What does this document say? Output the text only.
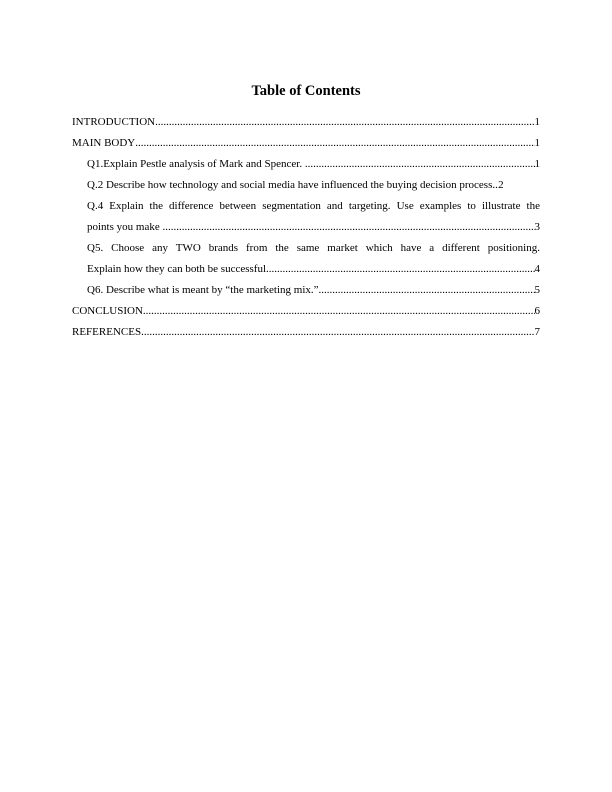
Table of Contents
INTRODUCTION .....	1
MAIN BODY .....	1
Q1.Explain Pestle analysis of Mark and Spencer. .....	1
Q.2 Describe how technology and social media have influenced the buying decision process. ..... 2
Q.4 Explain the difference between segmentation and targeting. Use examples to illustrate the
points you make .....	3
Q5. Choose any TWO brands from the same market which have a different positioning.
Explain how they can both be successful .....	4
Q6. Describe what is meant by “the marketing mix.” .....	5
CONCLUSION .....	6
REFERENCES .....	7
